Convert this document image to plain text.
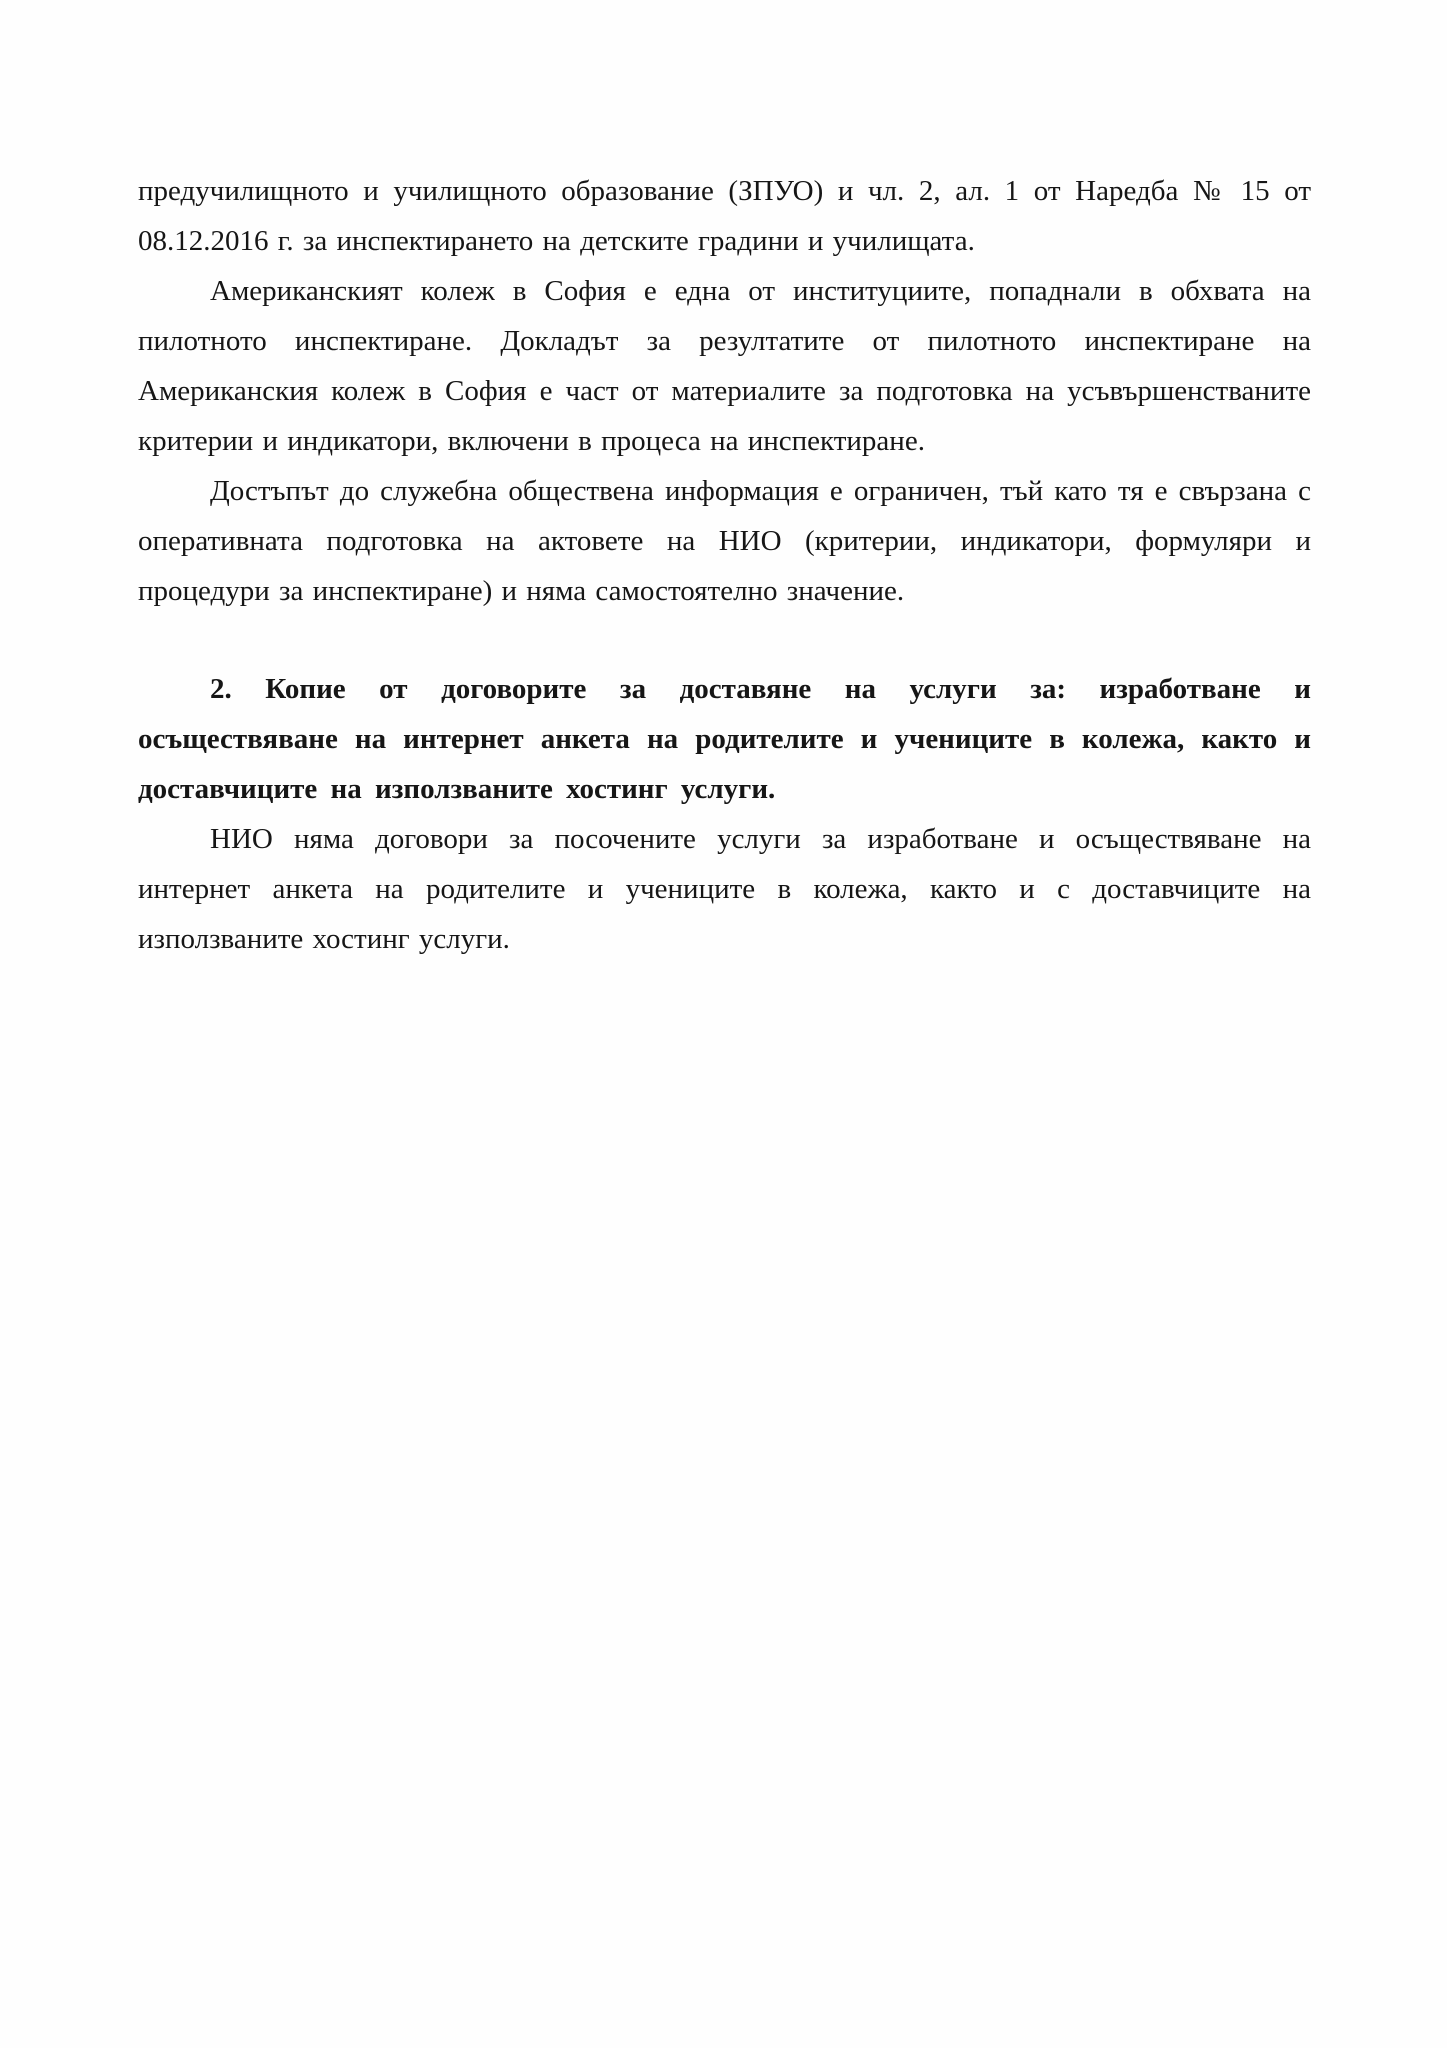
предучилищното и училищното образование (ЗПУО) и чл. 2, ал. 1 от Наредба № 15 от 08.12.2016 г. за инспектирането на детските градини и училищата.

Американският колеж в София е една от институциите, попаднали в обхвата на пилотното инспектиране. Докладът за резултатите от пилотното инспектиране на Американския колеж в София е част от материалите за подготовка на усъвършенстваните критерии и индикатори, включени в процеса на инспектиране.

Достъпът до служебна обществена информация е ограничен, тъй като тя е свързана с оперативната подготовка на актовете на НИО (критерии, индикатори, формуляри и процедури за инспектиране) и няма самостоятелно значение.

2. Копие от договорите за доставяне на услуги за: изработване и осъществяване на интернет анкета на родителите и учениците в колежа, както и доставчиците на използваните хостинг услуги.

НИО няма договори за посочените услуги за изработване и осъществяване на интернет анкета на родителите и учениците в колежа, както и с доставчиците на използваните хостинг услуги.
